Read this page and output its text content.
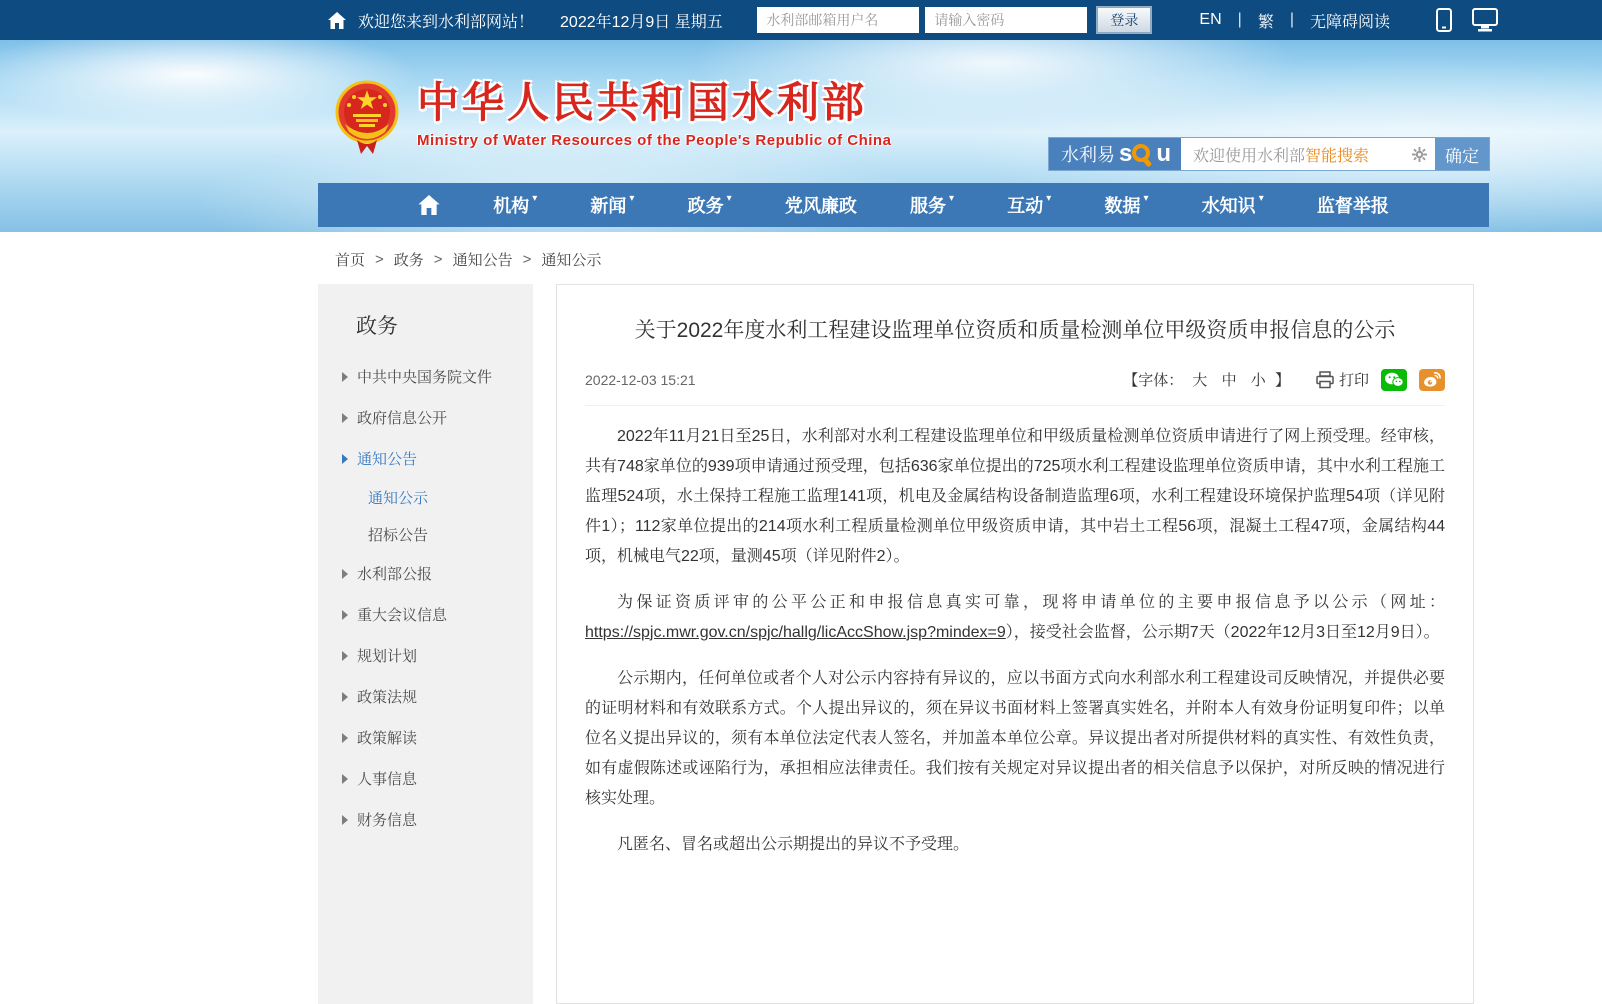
欢迎您来到水利部网站！ 2022年12月9日 星期五
水利部邮箱用户名	登录	EN | 繁 | 无障碍阅读
中华人民共和国水利部
Ministry of Water Resources of the People's Republic of China
水利易 s u 欢迎使用水利部 智能搜索	确定
机构 ▾	新闻 ▾	政务 ▾	党风廉政	服务 ▾	互动 ▾	数据 ▾	水知识 ▾	监督举报
首页 > 政务 > 通知公告 > 通知公示
政务
中共中央国务院文件
政府信息公开
通知公告
通知公示
招标公告
水利部公报
重大会议信息
规划计划
政策法规
政策解读
人事信息
财务信息
关于2022年度水利工程建设监理单位资质和质量检测单位甲级资质申报信息的公示
2022-12-03 15:21	【字体： 大 中 小 】	打印

2022年11月21日至25日，水利部对水利工程建设监理单位和甲级质量检测单位资质申请进行了网上预受理。经审核，共有748家单位的939项申请通过预受理，包括636家单位提出的725项水利工程建设监理单位资质申请，其中水利工程施工监理524项，水土保持工程施工监理141项，机电及金属结构设备制造监理6项，水利工程建设环境保护监理54项（详见附件1）；112家单位提出的214项水利工程质量检测单位甲级资质申请，其中岩土工程56项，混凝土工程47项，金属结构44项，机械电气22项，量测45项（详见附件2）。

为保证资质评审的公平公正和申报信息真实可靠，现将申请单位的主要申报信息予以公示（网址：https://spjc.mwr.gov.cn/spjc/hallg/licAccShow.jsp?mindex=9），接受社会监督，公示期7天（2022年12月3日至12月9日）。

公示期内，任何单位或者个人对公示内容持有异议的，应以书面方式向水利部水利工程建设司反映情况，并提供必要的证明材料和有效联系方式。个人提出异议的，须在异议书面材料上签署真实姓名，并附本人有效身份证明复印件；以单位名义提出异议的，须有本单位法定代表人签名，并加盖本单位公章。异议提出者对所提供材料的真实性、有效性负责，如有虚假陈述或诬陷行为，承担相应法律责任。我们按有关规定对异议提出者的相关信息予以保护，对所反映的情况进行核实处理。

凡匿名、冒名或超出公示期提出的异议不予受理。
